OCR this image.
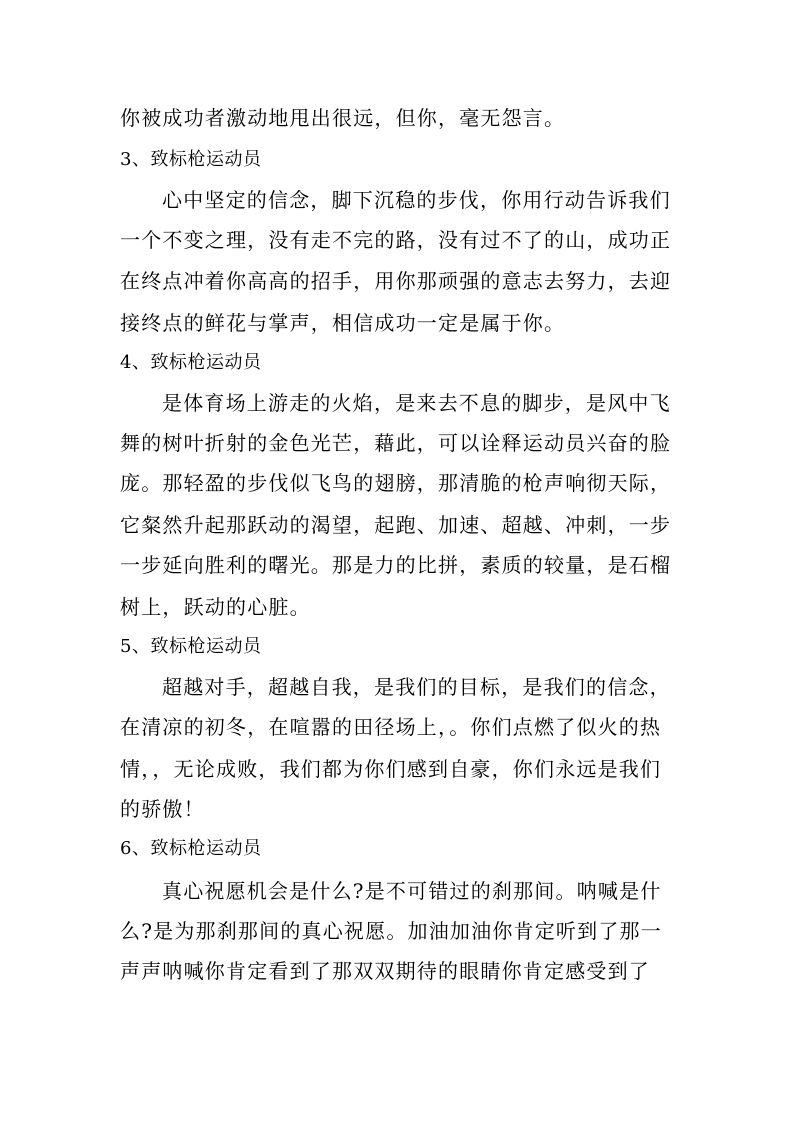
你被成功者激动地甩出很远，但你，毫无怨言。
3、致标枪运动员
心中坚定的信念，脚下沉稳的步伐，你用行动告诉我们
一个不变之理，没有走不完的路，没有过不了的山，成功正
在终点冲着你高高的招手，用你那顽强的意志去努力，去迎
接终点的鲜花与掌声，相信成功一定是属于你。
4、致标枪运动员
是体育场上游走的火焰，是来去不息的脚步，是风中飞
舞的树叶折射的金色光芒，藉此，可以诠释运动员兴奋的脸
庞。那轻盈的步伐似飞鸟的翅膀，那清脆的枪声响彻天际，
它粲然升起那跃动的渴望，起跑、加速、超越、冲刺，一步
一步延向胜利的曙光。那是力的比拼，素质的较量，是石榴
树上，跃动的心脏。
5、致标枪运动员
超越对手，超越自我，是我们的目标，是我们的信念，
在清凉的初冬，在喧嚣的田径场上，。你们点燃了似火的热
情，，无论成败，我们都为你们感到自豪，你们永远是我们
的骄傲！
6、致标枪运动员
真心祝愿机会是什么?是不可错过的刹那间。呐喊是什
么?是为那刹那间的真心祝愿。加油加油你肯定听到了那一
声声呐喊你肯定看到了那双双期待的眼睛你肯定感受到了
